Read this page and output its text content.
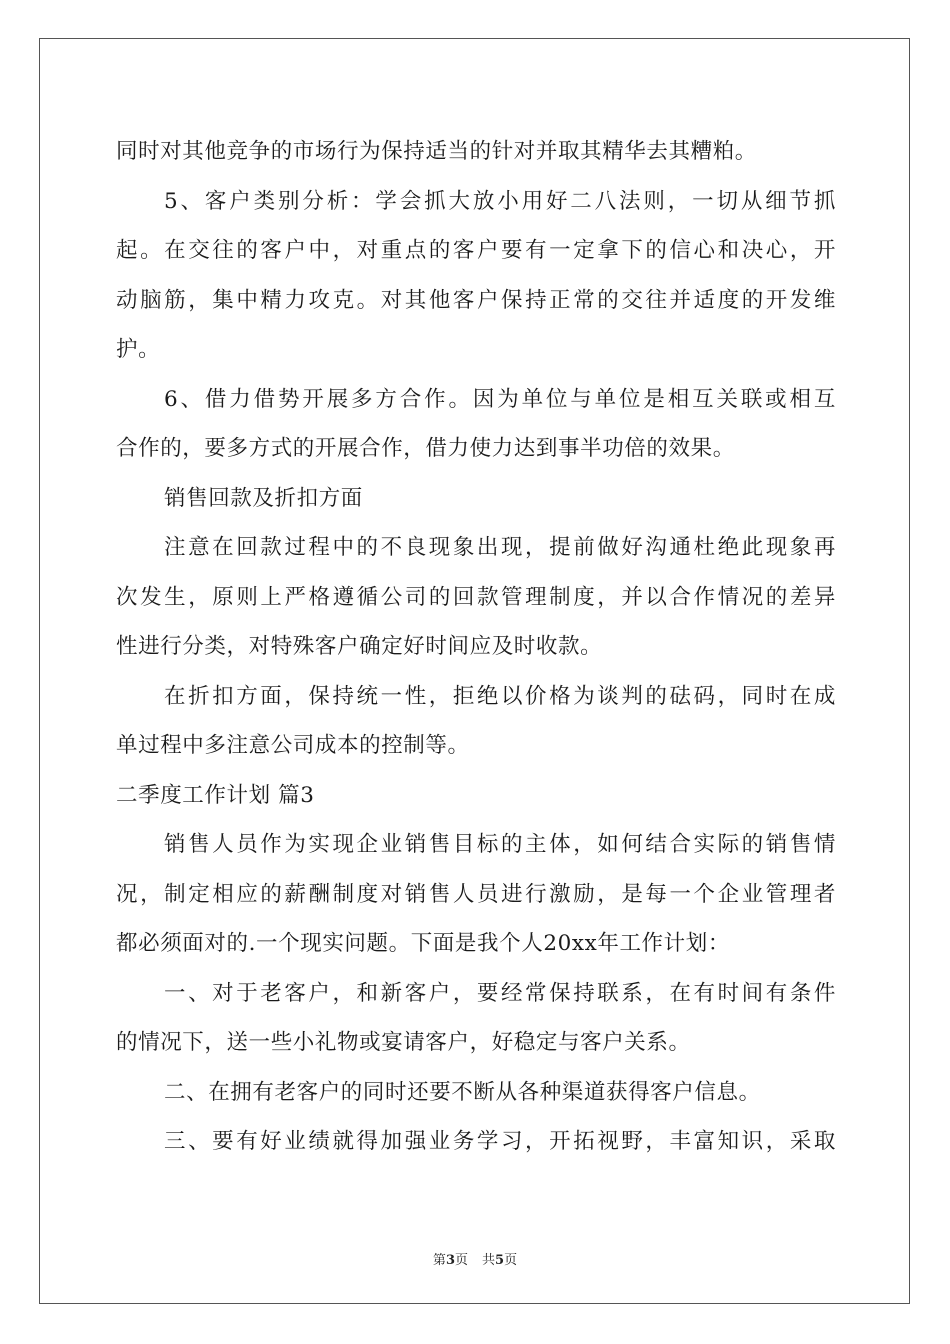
同时对其他竞争的市场行为保持适当的针对并取其精华去其糟粕。
5、客户类别分析：学会抓大放小用好二八法则，一切从细节抓
起。在交往的客户中，对重点的客户要有一定拿下的信心和决心，开
动脑筋，集中精力攻克。对其他客户保持正常的交往并适度的开发维
护。
6、借力借势开展多方合作。因为单位与单位是相互关联或相互
合作的，要多方式的开展合作，借力使力达到事半功倍的效果。
销售回款及折扣方面
注意在回款过程中的不良现象出现，提前做好沟通杜绝此现象再
次发生，原则上严格遵循公司的回款管理制度，并以合作情况的差异
性进行分类，对特殊客户确定好时间应及时收款。
在折扣方面，保持统一性，拒绝以价格为谈判的砝码，同时在成
单过程中多注意公司成本的控制等。
二季度工作计划 篇3
销售人员作为实现企业销售目标的主体，如何结合实际的销售情
况，制定相应的薪酬制度对销售人员进行激励，是每一个企业管理者
都必须面对的.一个现实问题。下面是我个人20xx年工作计划：
一、对于老客户，和新客户，要经常保持联系，在有时间有条件
的情况下，送一些小礼物或宴请客户，好稳定与客户关系。
二、在拥有老客户的同时还要不断从各种渠道获得客户信息。
三、要有好业绩就得加强业务学习，开拓视野，丰富知识，采取
第3页 共5页
